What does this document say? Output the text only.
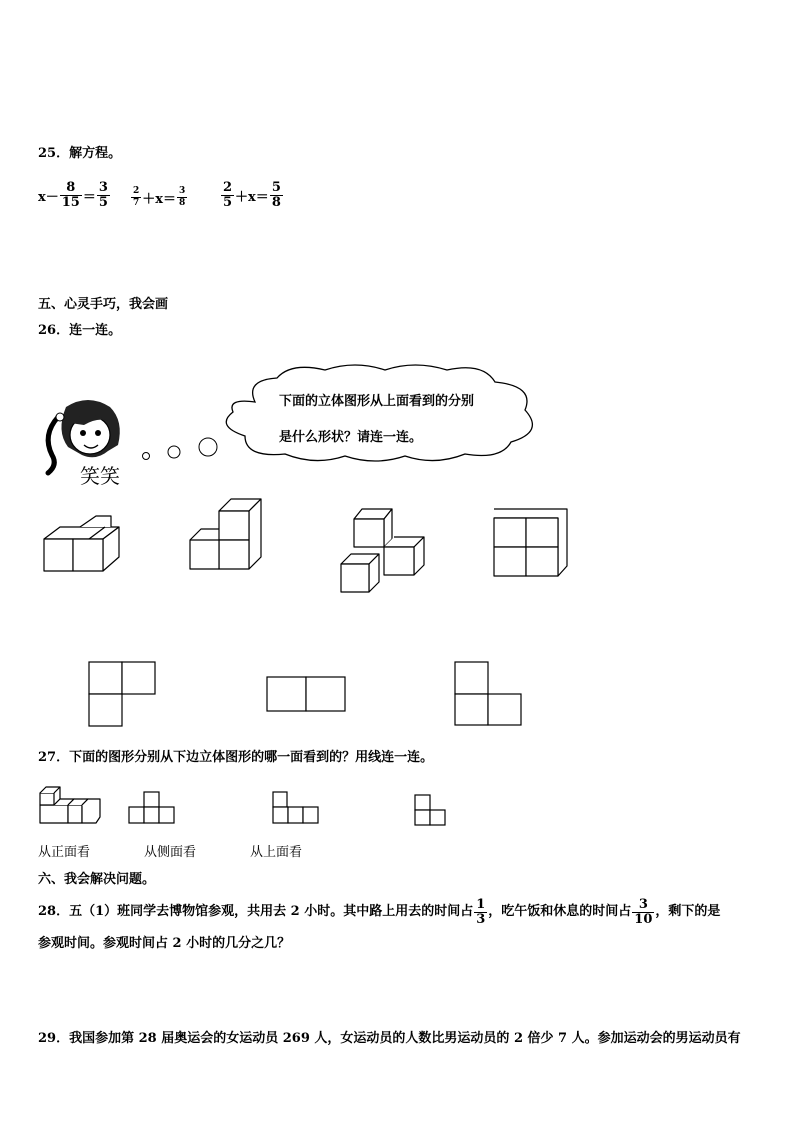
25．解方程。
$x- \frac{8}{15} = \frac{3}{5} \frac{2}{7} +x= \frac{3}{8}$	$\frac{2}{5} +x= \frac{5}{8}$
五、心灵手巧，我会画
26．连一连。
笑笑
下面的立体图形从上面看到的分别
是什么形状？请连一连。
27．下面的图形分别从下边立体图形的哪一面看到的？用线连一连。
从正面看	从侧面看	从上面看
六、我会解决问题。
28．五（1）班同学去博物馆参观，共用去 2 小时。其中路上用去的时间占 $\frac{1}{3}$ ，吃午饭和休息的时间占 $\frac{3}{10}$ ，剩下的是
参观时间。参观时间占 2 小时的几分之几？
29．我国参加第 28 届奥运会的女运动员 269 人，女运动员的人数比男运动员的 2 倍少 7 人。参加运动会的男运动员有
